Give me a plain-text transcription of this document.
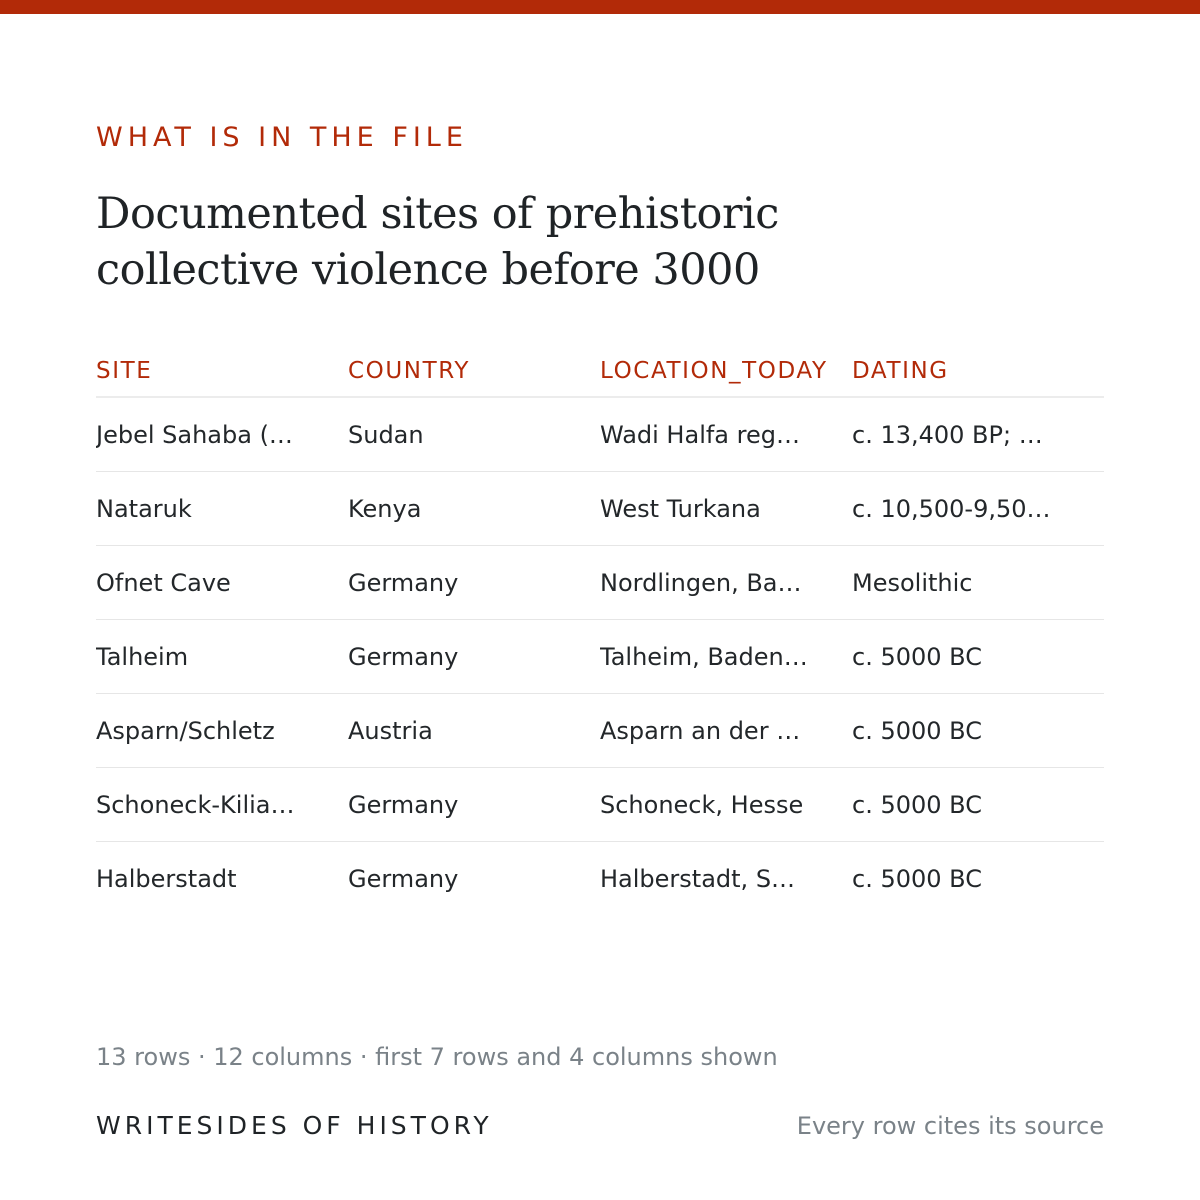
WHAT IS IN THE FILE
Documented sites of prehistoric
collective violence before 3000
SITE	COUNTRY	LOCATION_TODAY	DATING
Jebel Sahaba (…	Sudan	Wadi Halfa reg…	c. 13,400 BP; …
Nataruk	Kenya	West Turkana	c. 10,500-9,50…
Ofnet Cave	Germany	Nordlingen, Ba…	Mesolithic
Talheim	Germany	Talheim, Baden…	c. 5000 BC
Asparn/Schletz	Austria	Asparn an der …	c. 5000 BC
Schoneck-Kilia…	Germany	Schoneck, Hesse	c. 5000 BC
Halberstadt	Germany	Halberstadt, S…	c. 5000 BC
13 rows · 12 columns · first 7 rows and 4 columns shown
WRITESIDES OF HISTORY	Every row cites its source
